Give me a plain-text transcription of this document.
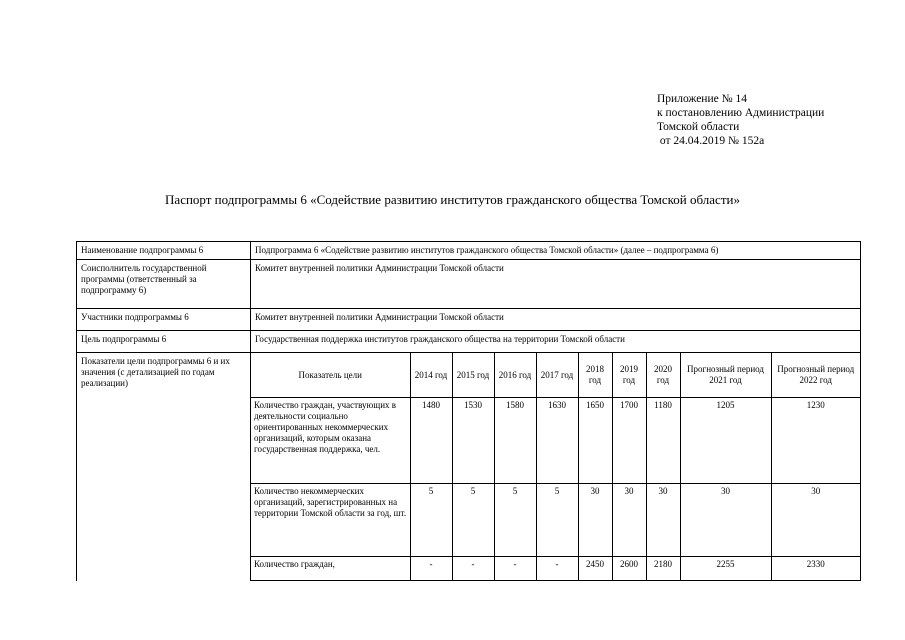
Приложение № 14
к постановлению Администрации
Томской области
от 24.04.2019 № 152а
Паспорт подпрограммы 6 «Содействие развитию институтов гражданского общества Томской области»
Наименование подпрограммы 6	Подпрограмма 6 «Содействие развитию институтов гражданского общества Томской области» (далее – подпрограмма 6)
Соисполнитель государственной программы (ответственный за подпрограмму 6)	Комитет внутренней политики Администрации Томской области
Участники подпрограммы 6	Комитет внутренней политики Администрации Томской области
Цель подпрограммы 6	Государственная поддержка институтов гражданского общества на территории Томской области
Показатели цели подпрограммы 6 и их значения (с детализацией по годам реализации)	
Показатель цели	2014 год	2015 год	2016 год	2017 год	2018 год	2019 год	2020 год	Прогнозный период 2021 год	Прогнозный период 2022 год
Количество граждан, участвующих в деятельности социально ориентированных некоммерческих организаций, которым оказана государственная поддержка, чел.	1480	1530	1580	1630	1650	1700	1180	1205	1230
Количество некоммерческих организаций, зарегистрированных на территории Томской области за год, шт.	5	5	5	5	30	30	30	30	30
Количество граждан,	-	-	-	-	2450	2600	2180	2255	2330
